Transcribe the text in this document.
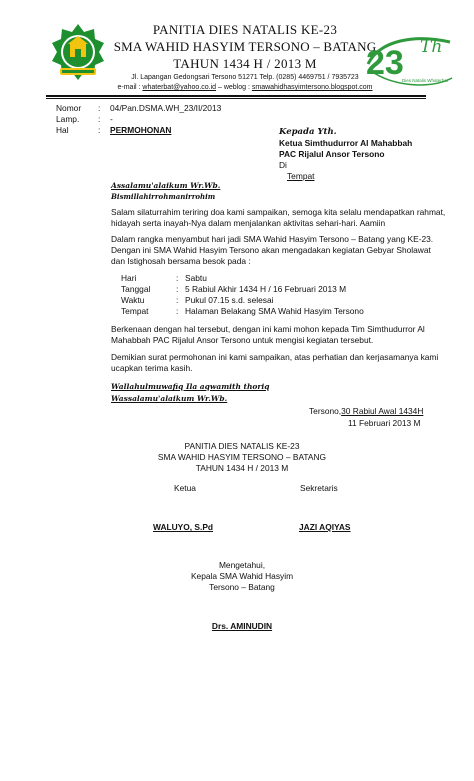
PANITIA DIES NATALIS KE-23
SMA WAHID HASYIM TERSONO – BATANG
TAHUN 1434 H / 2013 M
Jl. Lapangan Gedongsari Tersono 51271 Telp. (0285) 4469751 / 7935723
e-mail : whaterbat@yahoo.co.id – weblog : smawahidhasyimtersono.blogspot.com
23 Th
Dies Natalis Whaterbat
Nomor : 04/Pan.DSMA.WH_23/II/2013
Lamp. : -
Hal	: PERMOHONAN	Kepada Yth.
Ketua Simthudurror Al Mahabbah
PAC Rijalul Ansor Tersono
Di
Tempat
Assalamu'alaikum Wr.Wb.
Bismillahirrohmanirrohim
Salam silaturrahim teriring doa kami sampaikan, semoga kita selalu mendapatkan rahmat,
hidayah serta inayah-Nya dalam menjalankan aktivitas sehari-hari. Aamiin
Dalam rangka menyambut hari jadi SMA Wahid Hasyim Tersono – Batang yang KE-23.
Dengan ini SMA Wahid Hasyim Tersono akan mengadakan kegiatan Gebyar Sholawat
dan Istighosah bersama besok pada :
Hari	: Sabtu
Tanggal	: 5 Rabiul Akhir 1434 H / 16 Februari 2013 M
Waktu	: Pukul 07.15 s.d. selesai
Tempat	: Halaman Belakang SMA Wahid Hasyim Tersono
Berkenaan dengan hal tersebut, dengan ini kami mohon kepada Tim Simthudurror Al
Mahabbah PAC Rijalul Ansor Tersono untuk mengisi kegiatan tersebut.
Demikian surat permohonan ini kami sampaikan, atas perhatian dan kerjasamanya kami
ucapkan terima kasih.
Wallahulmuwafiq Ila aqwamith thoriq
Wassalamu'alaikum Wr.Wb.
Tersono,30 Rabiul Awal 1434H
11 Februari 2013 M
PANITIA DIES NATALIS KE-23
SMA WAHID HASYIM TERSONO – BATANG
TAHUN 1434 H / 2013 M
Ketua	Sekretaris
WALUYO, S.Pd	JAZI AQIYAS
Mengetahui,
Kepala SMA Wahid Hasyim
Tersono – Batang
Drs. AMINUDIN
